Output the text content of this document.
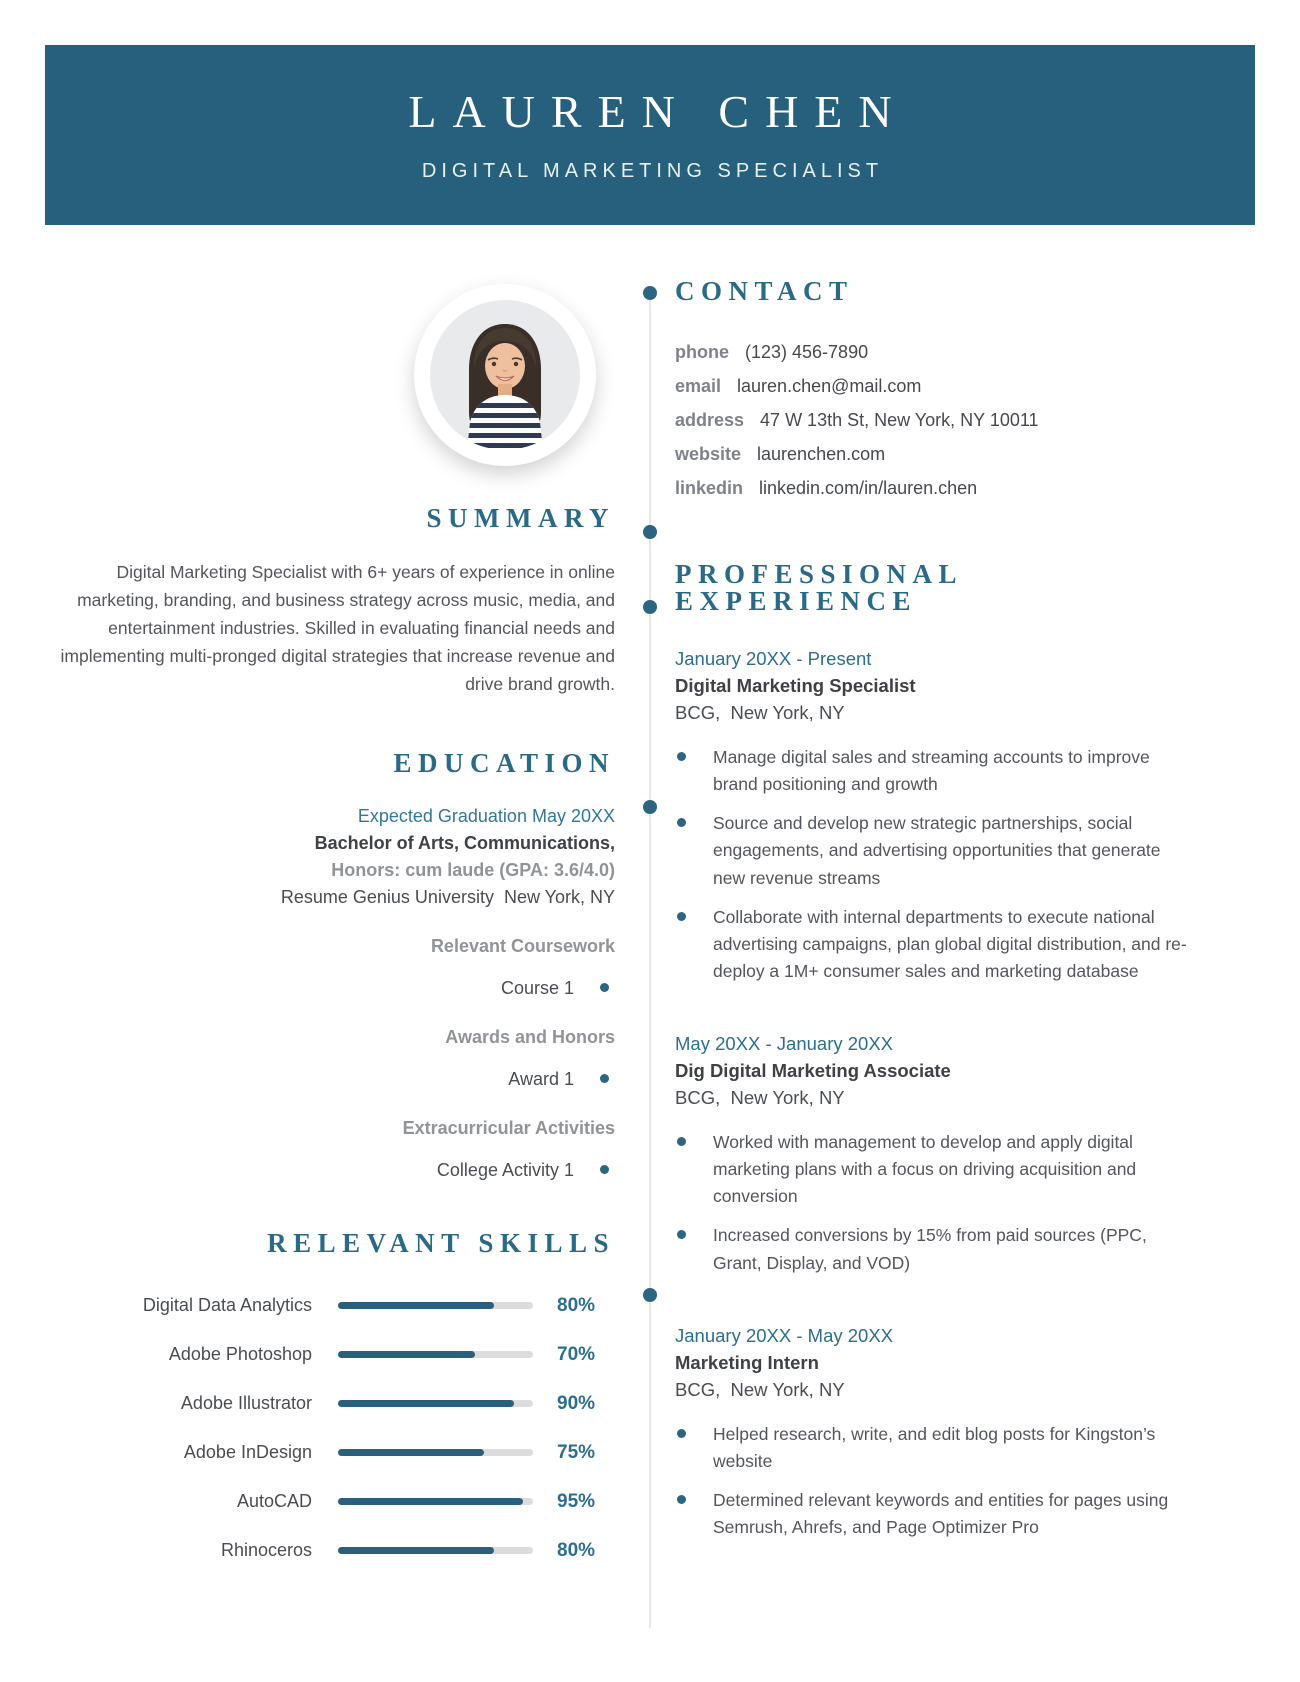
LAUREN CHEN
DIGITAL MARKETING SPECIALIST
SUMMARY

Digital Marketing Specialist with 6+ years of experience in online marketing, branding, and business strategy across music, media, and entertainment industries. Skilled in evaluating financial needs and implementing multi-pronged digital strategies that increase revenue and drive brand growth.

EDUCATION
Expected Graduation May 20XX
Bachelor of Arts, Communications,
Honors: cum laude (GPA: 3.6/4.0)
Resume Genius University  New York, NY
Relevant Coursework
Course 1
Awards and Honors
Award 1
Extracurricular Activities
College Activity 1
RELEVANT SKILLS
Digital Data Analytics	80%
Adobe Photoshop	70%
Adobe Illustrator	90%
Adobe InDesign	75%
AutoCAD	95%
Rhinoceros	80%
CONTACT
phone (123) 456-7890
email lauren.chen@mail.com
address 47 W 13th St, New York, NY 10011
website laurenchen.com
linkedin linkedin.com/in/lauren.chen
PROFESSIONAL EXPERIENCE
January 20XX - Present
Digital Marketing Specialist
BCG,  New York, NY
Manage digital sales and streaming accounts to improve brand positioning and growth
Source and develop new strategic partnerships, social engagements, and advertising opportunities that generate new revenue streams
Collaborate with internal departments to execute national advertising campaigns, plan global digital distribution, and re-deploy a 1M+ consumer sales and marketing database
May 20XX - January 20XX
Dig Digital Marketing Associate
BCG,  New York, NY
Worked with management to develop and apply digital marketing plans with a focus on driving acquisition and conversion
Increased conversions by 15% from paid sources (PPC, Grant, Display, and VOD)
January 20XX - May 20XX
Marketing Intern
BCG,  New York, NY
Helped research, write, and edit blog posts for Kingston’s website
Determined relevant keywords and entities for pages using Semrush, Ahrefs, and Page Optimizer Pro
